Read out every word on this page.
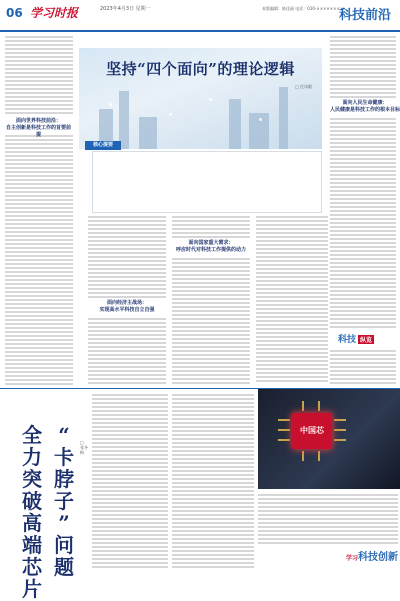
06 学习时报	2023年4月3日 星期一	本版编辑：陈佳丽 电话：010-××××××××
科技前沿
坚持“四个面向”的理论逻辑
□ 任凤毅
核心提要
面向世界科技前沿：
自主创新是科技工作的首要前提
面向经济主战场：
实现高水平科技自立自强
面向国家重大需求：
呼应时代对科技工作提供的动力
面向人民生命健康：
人民健康是科技工作的根本目标
科技 纵览
全
力
突
破
高
端
芯
片
“
卡
脖
子
”
问
题
□ 张冬梅
中国芯
学习科技创新
